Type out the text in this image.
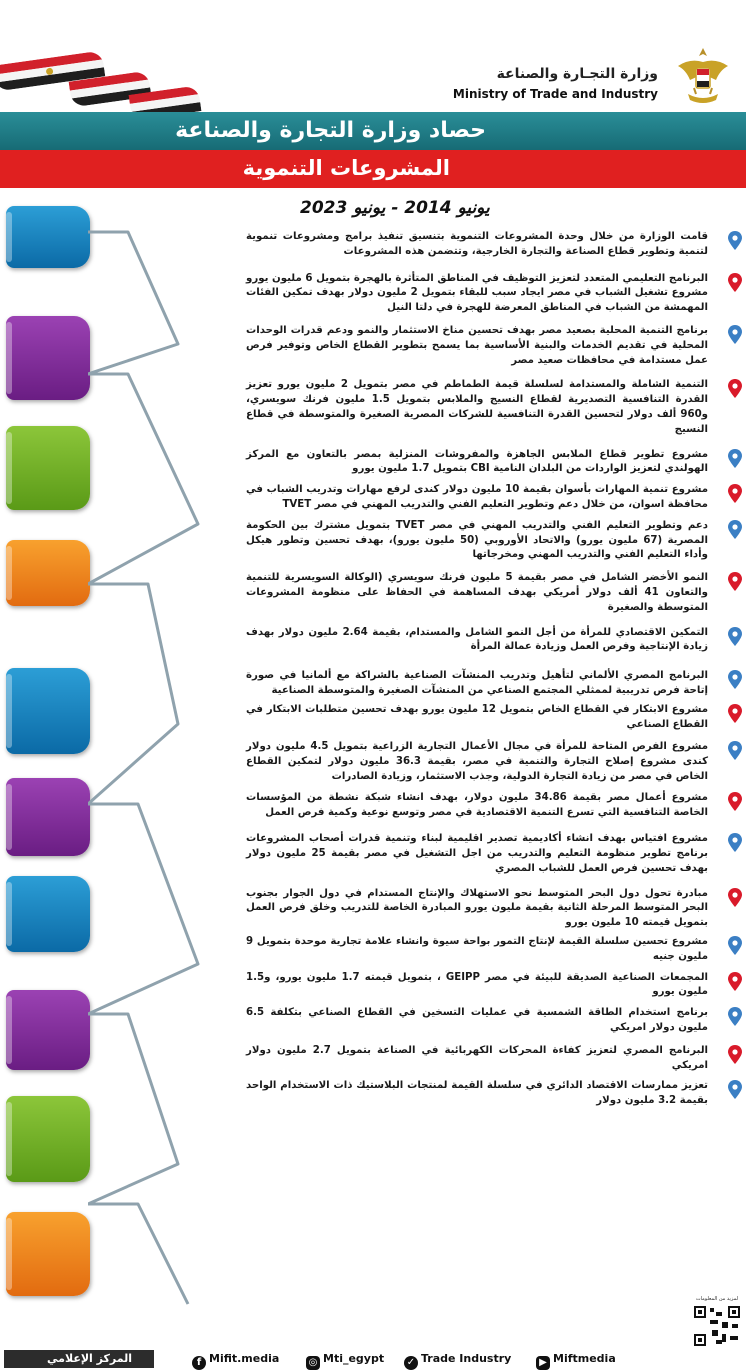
وزارة التجـارة والصناعة
Ministry of Trade and Industry
حصاد وزارة التجارة والصناعة
المشروعات التنموية
يونيو 2014 - يونيو 2023
قامت الوزارة من خلال وحدة المشروعات التنموية بتنسيق تنفيذ برامج ومشروعات تنموية لتنمية وتطوير قطاع الصناعة والتجارة الخارجية، وتتضمن هذه المشروعات
البرنامج التعليمي المتعدد لتعزيز التوظيف في المناطق المتأثرة بالهجرة بتمويل 6 مليون يورو مشروع تشغيل الشباب في مصر ايجاد سبب للبقاء بتمويل 2 مليون دولار بهدف تمكين الفئات المهمشة من الشباب في المناطق المعرضة للهجرة في دلتا النيل
برنامج التنمية المحلية بصعيد مصر بهدف تحسين مناخ الاستثمار والنمو ودعم قدرات الوحدات المحلية في تقديم الخدمات والبنية الأساسية بما يسمح بتطوير القطاع الخاص وتوفير فرص عمل مستدامة في محافظات صعيد مصر
التنمية الشاملة والمستدامة لسلسلة قيمة الطماطم في مصر بتمويل 2 مليون يورو تعزيز القدرة التنافسية التصديرية لقطاع النسيج والملابس بتمويل 1.5 مليون فرنك سويسري، و960 ألف دولار لتحسين القدرة التنافسية للشركات المصرية الصغيرة والمتوسطة في قطاع النسيج
مشروع تطوير قطاع الملابس الجاهزة والمفروشات المنزلية بمصر بالتعاون مع المركز الهولندي لتعزيز الواردات من البلدان النامية CBI بتمويل 1.7 مليون يورو
مشروع تنمية المهارات بأسوان بقيمة 10 مليون دولار كندى لرفع مهارات وتدريب الشباب في محافظة اسوان، من خلال دعم وتطوير التعليم الفني والتدريب المهني في مصر TVET
دعم وتطوير التعليم الفني والتدريب المهني في مصر TVET بتمويل مشترك بين الحكومة المصرية (67 مليون يورو) والاتحاد الأوروبي (50 مليون يورو)، بهدف تحسين وتطور هيكل وأداء التعليم الفني والتدريب المهني ومخرجاتها
النمو الأخضر الشامل في مصر بقيمة 5 مليون فرنك سويسري (الوكالة السويسرية للتنمية والتعاون 41 ألف دولار أمريكي بهدف المساهمة في الحفاظ على منظومة المشروعات المتوسطة والصغيرة
التمكين الاقتصادي للمرأة من أجل النمو الشامل والمستدام، بقيمة 2.64 مليون دولار بهدف زيادة الإنتاجية وفرص العمل وزيادة عمالة المرأة
البرنامج المصري الألماني لتأهيل وتدريب المنشآت الصناعية بالشراكة مع ألمانيا في صورة إتاحة فرص تدريبية لممثلي المجتمع الصناعي من المنشآت الصغيرة والمتوسطة الصناعية
مشروع الابتكار في القطاع الخاص بتمويل 12 مليون يورو بهدف تحسين متطلبات الابتكار في القطاع الصناعي
مشروع الفرص المتاحة للمرأة في مجال الأعمال التجارية الزراعية بتمويل 4.5 مليون دولار كندى مشروع إصلاح التجارة والتنمية في مصر، بقيمة 36.3 مليون دولار لتمكين القطاع الخاص في مصر من زيادة التجارة الدولية، وجذب الاستثمار، وزيادة الصادرات
مشروع أعمال مصر بقيمة 34.86 مليون دولار، بهدف انشاء شبكة نشطة من المؤسسات الخاصة التنافسية التي تسرع التنمية الاقتصادية في مصر وتوسع نوعية وكمية فرص العمل
مشروع افتياس بهدف انشاء أكاديمية تصدير اقليمية لبناء وتنمية قدرات أصحاب المشروعات برنامج تطوير منظومة التعليم والتدريب من اجل التشغيل في مصر بقيمة 25 مليون دولار بهدف تحسين فرص العمل للشباب المصري
مبادرة تحول دول البحر المتوسط نحو الاستهلاك والإنتاج المستدام في دول الجوار بجنوب البحر المتوسط المرحلة الثانية بقيمة مليون يورو المبادرة الخاصة للتدريب وخلق فرص العمل بتمويل قيمته 10 مليون يورو
مشروع تحسين سلسلة القيمة لإنتاج التمور بواحة سيوة وانشاء علامة تجارية موحدة بتمويل 9 مليون جنيه
المجمعات الصناعية الصديقة للبيئة في مصر GEIPP ، بتمويل قيمته 1.7 مليون يورو، و1.5 مليون يورو
برنامج استخدام الطاقة الشمسية في عمليات التسخين في القطاع الصناعي بتكلفة 6.5 مليون دولار امريكي
البرنامج المصري لتعزيز كفاءة المحركات الكهربائية في الصناعة بتمويل 2.7 مليون دولار امريكي
تعزيز ممارسات الاقتصاد الدائري في سلسلة القيمة لمنتجات البلاستيك ذات الاستخدام الواحد بقيمة 3.2 مليون دولار
لمزيد من المعلومات
المركز الإعلامي	f Mifit.media	◎ Mti_egypt ✓ Trade Industry	▶ Miftmedia
